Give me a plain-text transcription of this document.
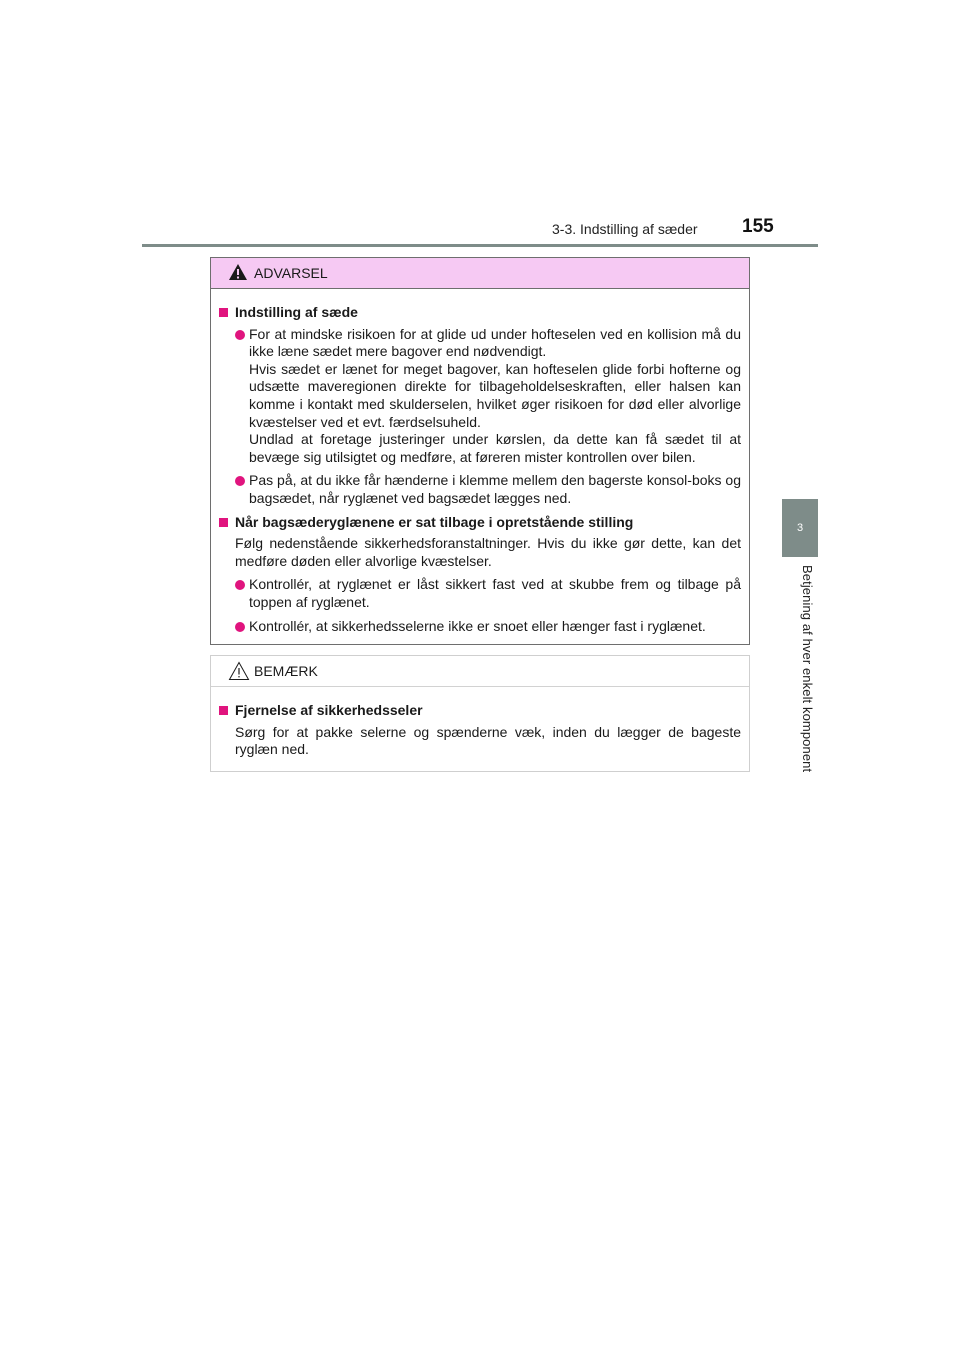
3-3. Indstilling af sæder 155
3
Betjening af hver enkelt komponent
ADVARSEL
Indstilling af sæde

For at mindske risikoen for at glide ud under hofteselen ved en kollision må du ikke læne sædet mere bagover end nødvendigt.

Hvis sædet er lænet for meget bagover, kan hofteselen glide forbi hofterne og udsætte maveregionen direkte for tilbageholdelseskraften, eller halsen kan komme i kontakt med skulderselen, hvilket øger risikoen for død eller alvorlige kvæstelser ved et evt. færdselsuheld.

Undlad at foretage justeringer under kørslen, da dette kan få sædet til at bevæge sig utilsigtet og medføre, at føreren mister kontrollen over bilen.

Pas på, at du ikke får hænderne i klemme mellem den bagerste konsol-boks og bagsædet, når ryglænet ved bagsædet lægges ned.

Når bagsæderyglænene er sat tilbage i opretstående stilling
Følg nedenstående sikkerhedsforanstaltninger. Hvis du ikke gør dette, kan det medføre døden eller alvorlige kvæstelser.

Kontrollér, at ryglænet er låst sikkert fast ved at skubbe frem og tilbage på toppen af ryglænet.

Kontrollér, at sikkerhedsselerne ikke er snoet eller hænger fast i ryglænet.

BEMÆRK
Fjernelse af sikkerhedsseler
Sørg for at pakke selerne og spænderne væk, inden du lægger de bageste ryglæn ned.
